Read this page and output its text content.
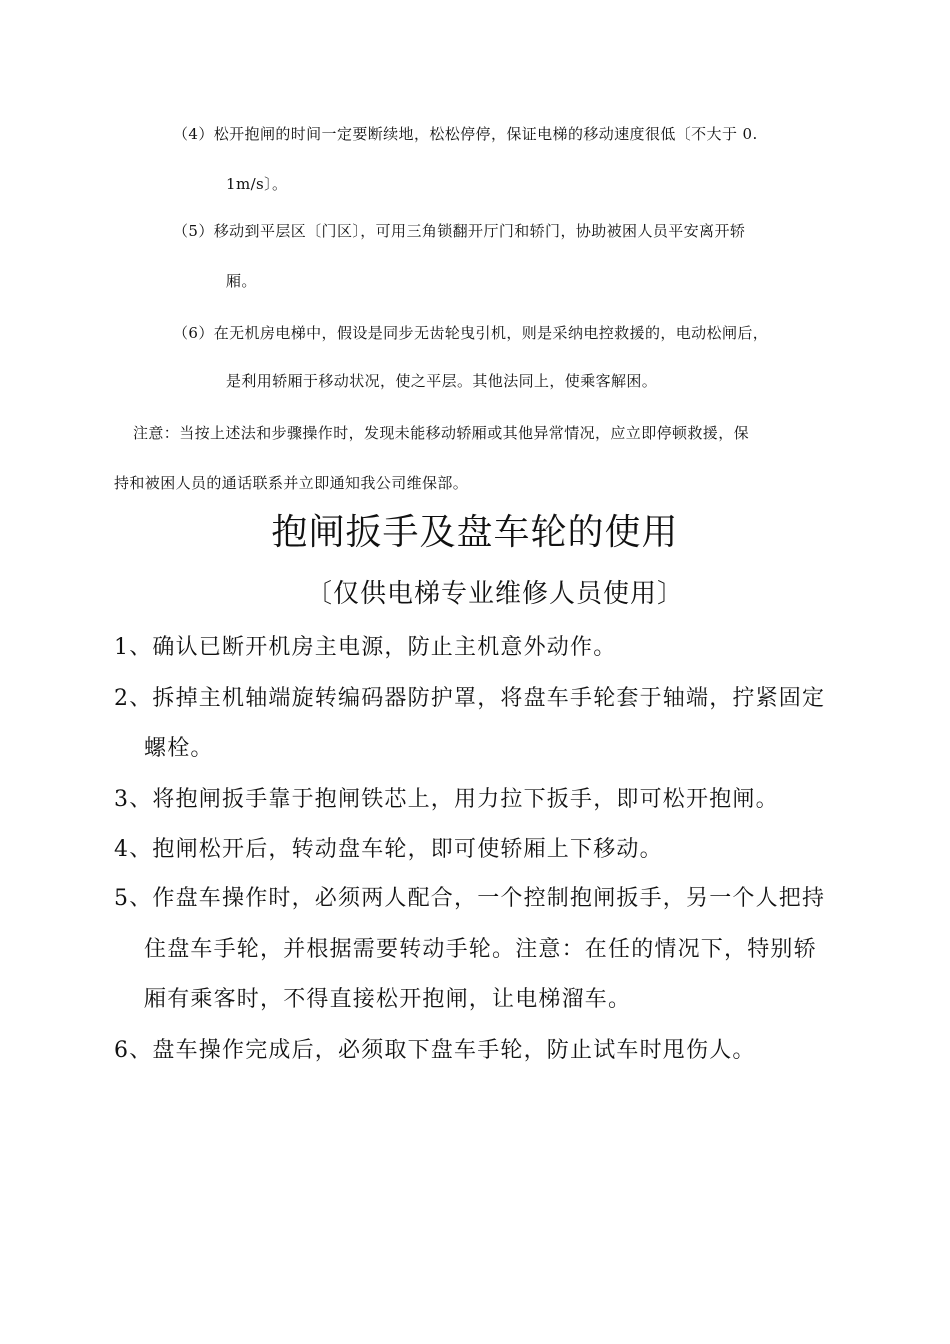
（4）松开抱闸的时间一定要断续地，松松停停，保证电梯的移动速度很低〔不大于 0.
1m/s〕。
（5）移动到平层区〔门区〕，可用三角锁翻开厅门和轿门，协助被困人员平安离开轿
厢。
（6）在无机房电梯中，假设是同步无齿轮曳引机，则是采纳电控救援的，电动松闸后，
是利用轿厢于移动状况，使之平层。其他法同上，使乘客解困。
注意：当按上述法和步骤操作时，发现未能移动轿厢或其他异常情况，应立即停顿救援，保
持和被困人员的通话联系并立即通知我公司维保部。
抱闸扳手及盘车轮的使用
〔仅供电梯专业维修人员使用〕
1、确认已断开机房主电源，防止主机意外动作。
2、拆掉主机轴端旋转编码器防护罩，将盘车手轮套于轴端，拧紧固定
螺栓。
3、将抱闸扳手靠于抱闸铁芯上，用力拉下扳手，即可松开抱闸。
4、抱闸松开后，转动盘车轮，即可使轿厢上下移动。
5、作盘车操作时，必须两人配合，一个控制抱闸扳手，另一个人把持
住盘车手轮，并根据需要转动手轮。注意：在任的情况下，特别轿
厢有乘客时，不得直接松开抱闸，让电梯溜车。
6、盘车操作完成后，必须取下盘车手轮，防止试车时甩伤人。
